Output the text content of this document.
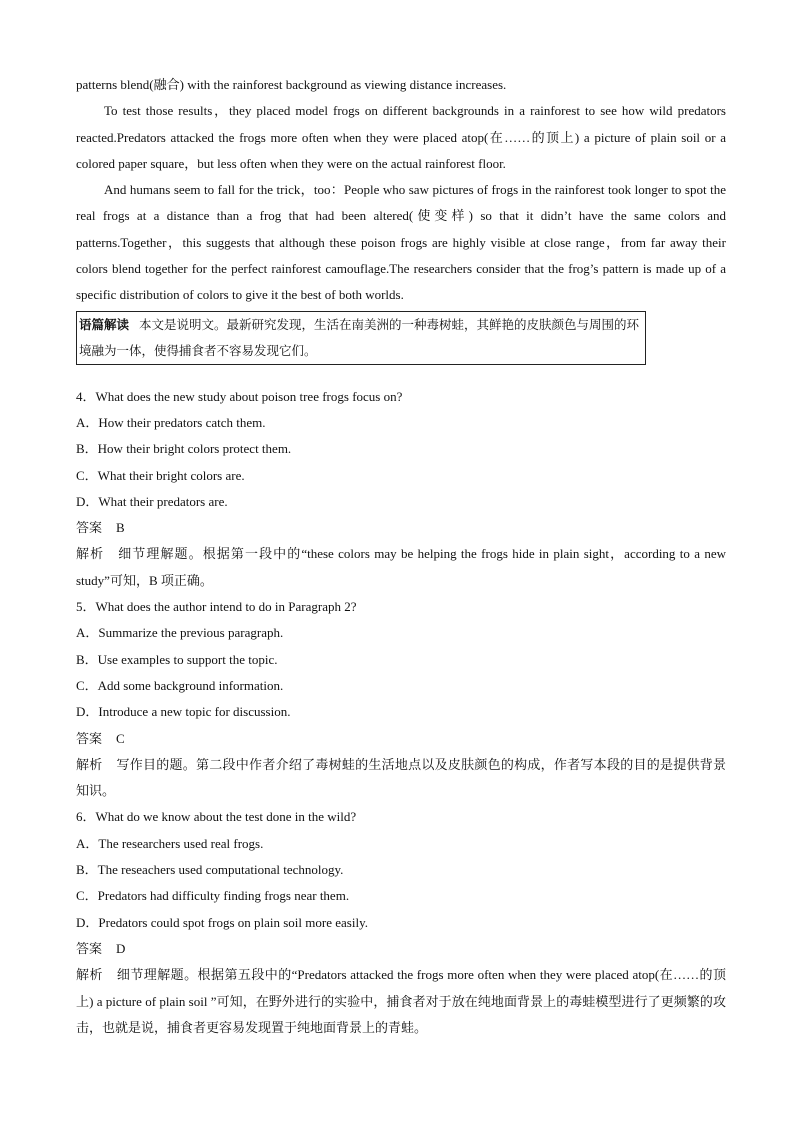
patterns blend(融合) with the rainforest background as viewing distance increases.

To test those results，they placed model frogs on different backgrounds in a rainforest to see how wild predators reacted.Predators attacked the frogs more often when they were placed atop(在……的顶上) a picture of plain soil or a colored paper square，but less often when they were on the actual rainforest floor.

And humans seem to fall for the trick，too：People who saw pictures of frogs in the rainforest took longer to spot the real frogs at a distance than a frog that had been altered(使变样) so that it didn’t have the same colors and patterns.Together，this suggests that although these poison frogs are highly visible at close range，from far away their colors blend together for the perfect rainforest camouflage.The researchers consider that the frog’s pattern is made up of a specific distribution of colors to give it the best of both worlds.

语篇解读 本文是说明文。最新研究发现，生活在南美洲的一种毒树蛙，其鲜艳的皮肤颜色与周围的环境融为一体，使得捕食者不容易发现它们。

4．What does the new study about poison tree frogs focus on?

A．How their predators catch them.

B．How their bright colors protect them.

C．What their bright colors are.

D．What their predators are.

答案 B

解析 细节理解题。根据第一段中的“these colors may be helping the frogs hide in plain sight，according to a new study”可知，B 项正确。

5．What does the author intend to do in Paragraph 2?

A．Summarize the previous paragraph.

B．Use examples to support the topic.

C．Add some background information.

D．Introduce a new topic for discussion.

答案 C

解析 写作目的题。第二段中作者介绍了毒树蛙的生活地点以及皮肤颜色的构成，作者写本段的目的是提供背景知识。

6．What do we know about the test done in the wild?

A．The researchers used real frogs.

B．The reseachers used computational technology.

C．Predators had difficulty finding frogs near them.

D．Predators could spot frogs on plain soil more easily.

答案 D

解析 细节理解题。根据第五段中的“Predators attacked the frogs more often when they were placed atop(在……的顶上) a picture of plain soil ”可知，在野外进行的实验中，捕食者对于放在纯地面背景上的毒蛙模型进行了更频繁的攻击，也就是说，捕食者更容易发现置于纯地面背景上的青蛙。
